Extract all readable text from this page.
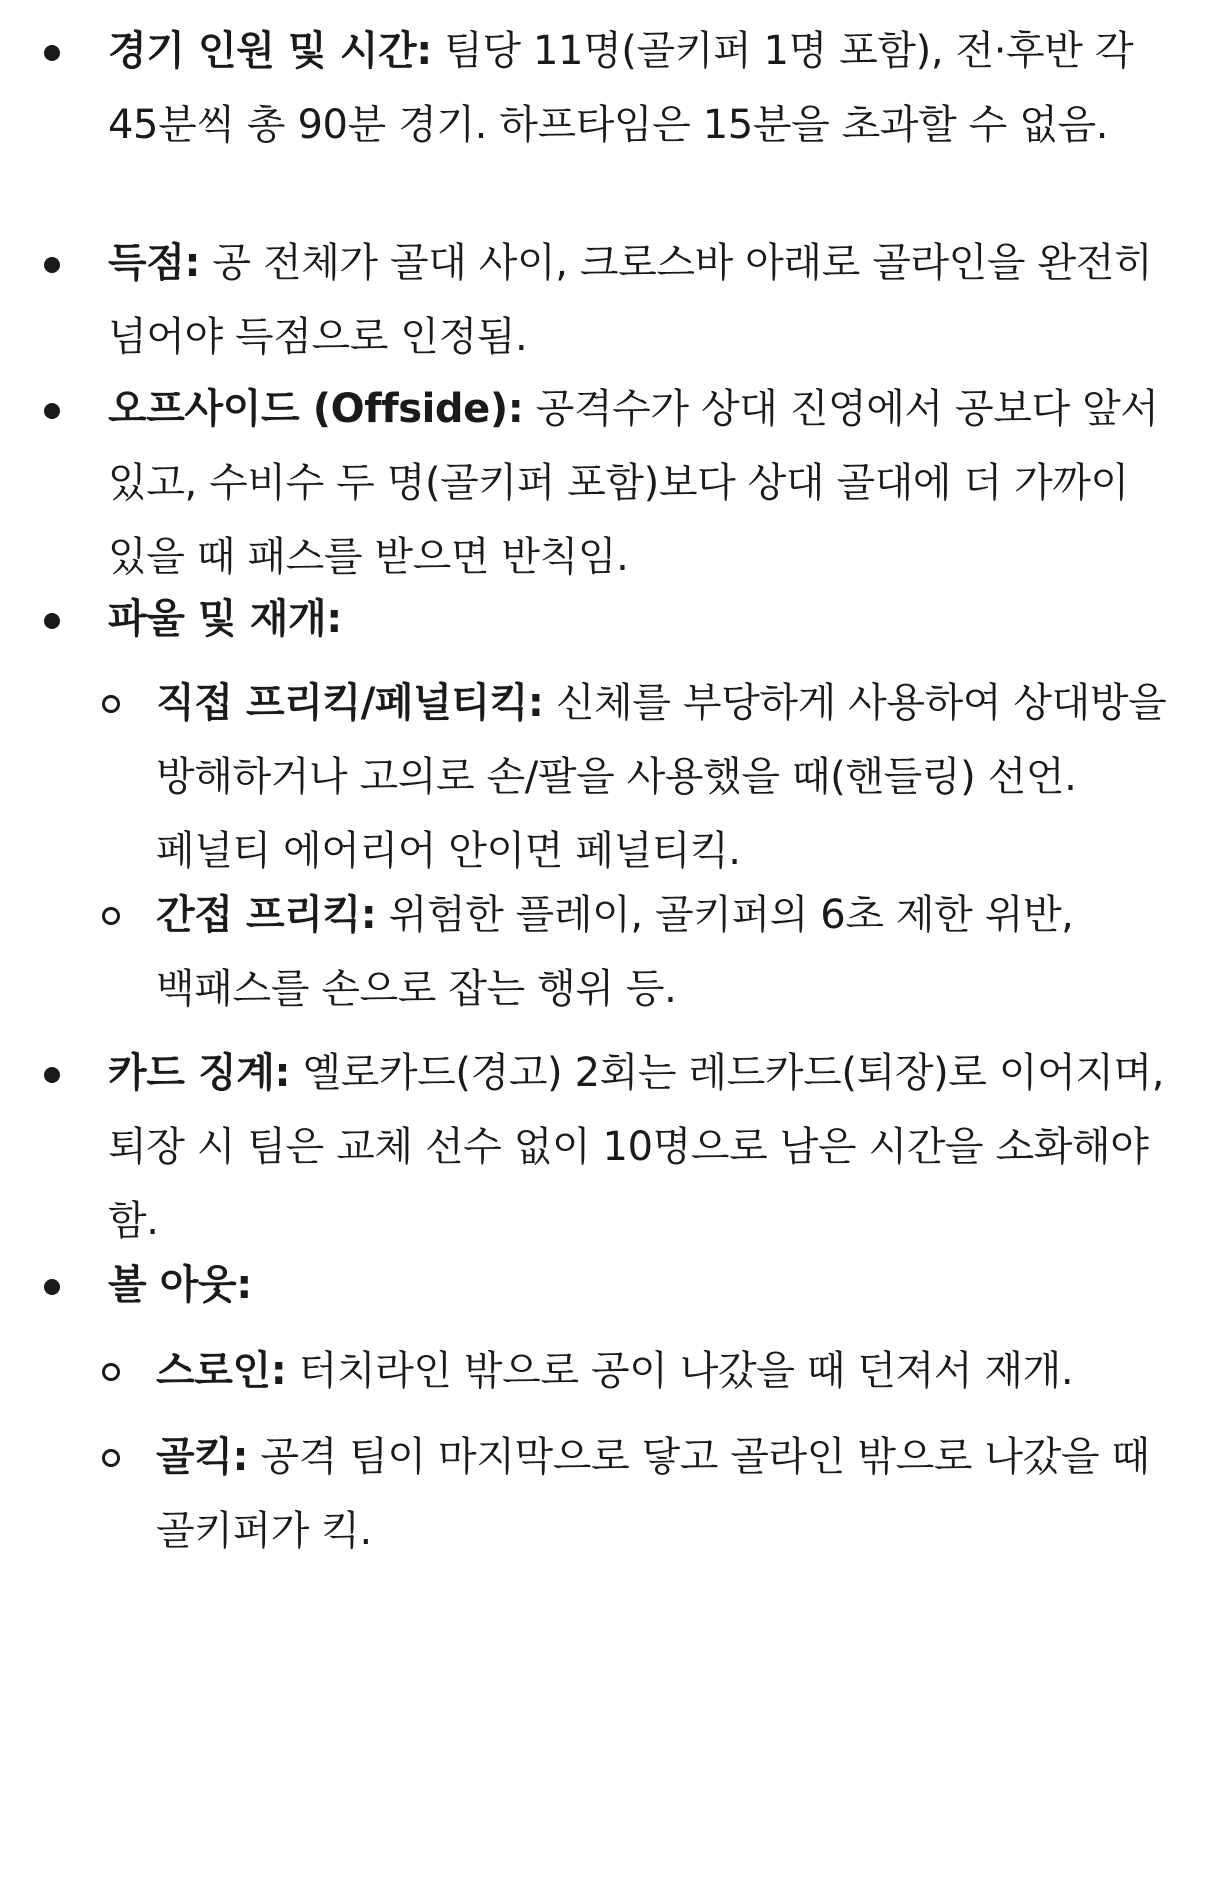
경기 인원 및 시간: 팀당 11명(골키퍼 1명 포함), 전·후반 각 45분씩 총 90분 경기. 하프타임은 15분을 초과할 수 없음.
득점: 공 전체가 골대 사이, 크로스바 아래로 골라인을 완전히 넘어야 득점으로 인정됨.
오프사이드 (Offside): 공격수가 상대 진영에서 공보다 앞서 있고, 수비수 두 명(골키퍼 포함)보다 상대 골대에 더 가까이 있을 때 패스를 받으면 반칙임.
파울 및 재개:
직접 프리킥/페널티킥: 신체를 부당하게 사용하여 상대방을 방해하거나 고의로 손/팔을 사용했을 때(핸들링) 선언. 페널티 에어리어 안이면 페널티킥.
간접 프리킥: 위험한 플레이, 골키퍼의 6초 제한 위반, 백패스를 손으로 잡는 행위 등.
카드 징계: 옐로카드(경고) 2회는 레드카드(퇴장)로 이어지며, 퇴장 시 팀은 교체 선수 없이 10명으로 남은 시간을 소화해야 함.
볼 아웃:
스로인: 터치라인 밖으로 공이 나갔을 때 던져서 재개.
골킥: 공격 팀이 마지막으로 닿고 골라인 밖으로 나갔을 때 골키퍼가 킥.
